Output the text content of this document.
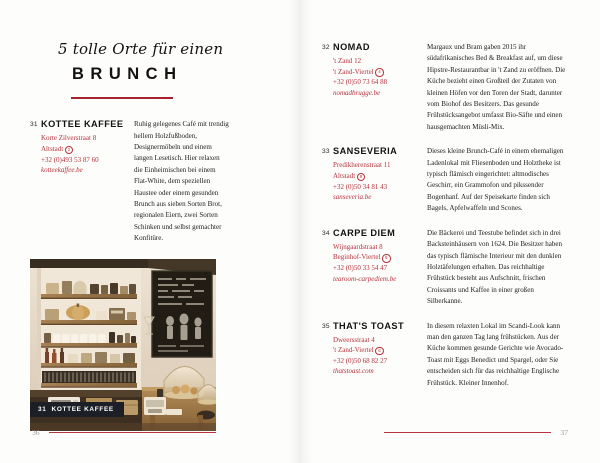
5 tolle Orte für einen
BRUNCH
31 KOTTEE KAFFEE
Korte Zilverstraat 8
Altstadt 2
+32 (0)493 53 87 60
kotteekaffee.be
Ruhig gelegenes Café mit trendig hellem Holzfußboden, Designermöbeln und einem langen Lesetisch. Hier relaxen die Einheimischen bei einem Flat-White, dem speziellen Haustee oder einem gesunden Brunch aus sieben Sorten Brot, regionalen Eiern, zwei Sorten Schinken und selbst gemachter Konfitüre.
31 KOTTEE KAFFEE
36
32 NOMAD
't Zand 12
't Zand-Viertel 4
+32 (0)50 73 64 88
nomadbrugge.be
Margaux und Bram gaben 2015 ihr südafrikanisches Bed & Breakfast auf, um diese Hipstre-Restaurantbar in 't Zand zu eröffnen. Die Küche bezieht einen Großteil der Zutaten von kleinen Höfen vor den Toren der Stadt, darunter vom Biohof des Besitzers. Das gesunde Frühstücksangebot umfasst Bio-Säfte und einen hausgemachten Müsli-Mix.
33 SANSEVERIA
Predikherenstraat 11
Altstadt 9
+32 (0)50 34 81 43
sanseveria.be
Dieses kleine Brunch-Café in einem ehemaligen Ladenlokal mit Fliesenboden und Holztheke ist typisch flämisch eingerichtet: altmodisches Geschirr, ein Grammofon und pikssender Bogenhanf. Auf der Speisekarte finden sich Bagels, Apfelwaffeln und Scones.
34 CARPE DIEM
Wijngaardstraat 8
Beginhof-Viertel 5
+32 (0)50 33 54 47
tearoom-carpediem.be
Die Bäckerei und Teestube befindet sich in drei Backsteinhäusern von 1624. Die Besitzer haben das typisch flämische Interieur mit den dunklen Holztäfelungen erhalten. Das reichhaltige Frühstück besteht aus Aufschnitt, frischen Croissants und Kaffee in einer großen Silberkanne.
35 THAT'S TOAST
Dweersstraat 4
't Zand-Viertel 6
+32 (0)50 68 82 27
thatstoast.com
In diesem relaxten Lokal im Scandi-Look kann man den ganzen Tag lang frühstücken. Aus der Küche kommen gesunde Gerichte wie Avocado-Toast mit Eggs Benedict und Spargel, oder Sie entscheiden sich für das reichhaltige Englische Frühstück. Kleiner Innenhof.
37
